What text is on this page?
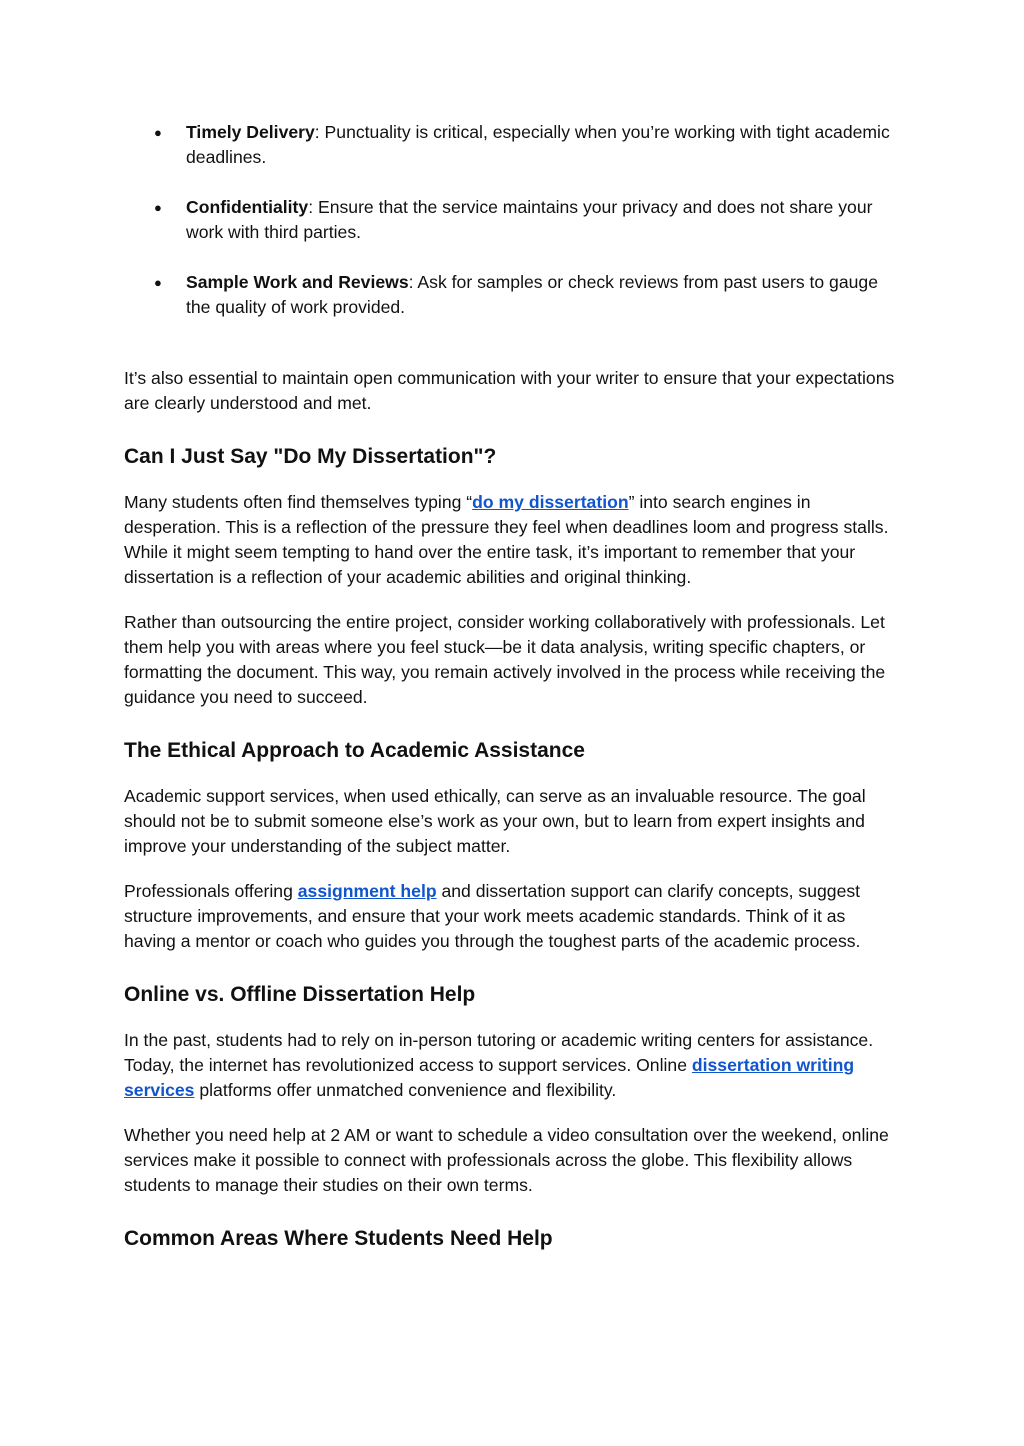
● Timely Delivery: Punctuality is critical, especially when you’re working with tight academic deadlines.
● Confidentiality: Ensure that the service maintains your privacy and does not share your work with third parties.
● Sample Work and Reviews: Ask for samples or check reviews from past users to gauge the quality of work provided.

It’s also essential to maintain open communication with your writer to ensure that your expectations are clearly understood and met.

Can I Just Say "Do My Dissertation"?

Many students often find themselves typing “do my dissertation” into search engines in desperation. This is a reflection of the pressure they feel when deadlines loom and progress stalls. While it might seem tempting to hand over the entire task, it’s important to remember that your dissertation is a reflection of your academic abilities and original thinking.

Rather than outsourcing the entire project, consider working collaboratively with professionals. Let them help you with areas where you feel stuck—be it data analysis, writing specific chapters, or formatting the document. This way, you remain actively involved in the process while receiving the guidance you need to succeed.

The Ethical Approach to Academic Assistance

Academic support services, when used ethically, can serve as an invaluable resource. The goal should not be to submit someone else’s work as your own, but to learn from expert insights and improve your understanding of the subject matter.

Professionals offering assignment help and dissertation support can clarify concepts, suggest structure improvements, and ensure that your work meets academic standards. Think of it as having a mentor or coach who guides you through the toughest parts of the academic process.

Online vs. Offline Dissertation Help

In the past, students had to rely on in-person tutoring or academic writing centers for assistance. Today, the internet has revolutionized access to support services. Online dissertation writing services platforms offer unmatched convenience and flexibility.

Whether you need help at 2 AM or want to schedule a video consultation over the weekend, online services make it possible to connect with professionals across the globe. This flexibility allows students to manage their studies on their own terms.

Common Areas Where Students Need Help
